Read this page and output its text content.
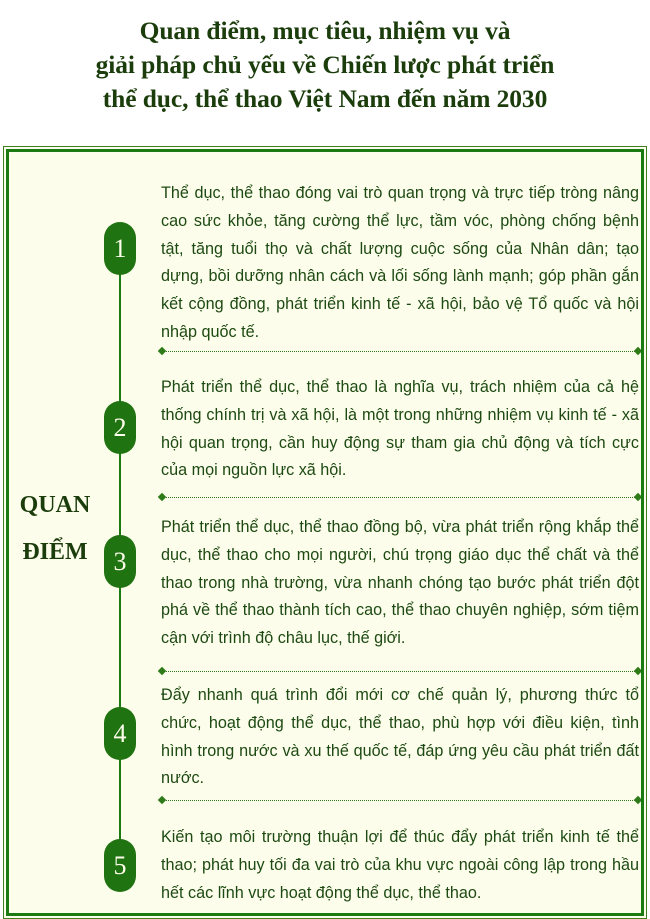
Quan điểm, mục tiêu, nhiệm vụ và
giải pháp chủ yếu về Chiến lược phát triển
thể dục, thể thao Việt Nam đến năm 2030
QUAN
ĐIỂM
1
Thể dục, thể thao đóng vai trò quan trọng và trực tiếp tròng nâng cao sức khỏe, tăng cường thể lực, tầm vóc, phòng chống bệnh tật, tăng tuổi thọ và chất lượng cuộc sống của Nhân dân; tạo dựng, bồi dưỡng nhân cách và lối sống lành mạnh; góp phần gắn kết cộng đồng, phát triển kinh tế - xã hội, bảo vệ Tổ quốc và hội nhập quốc tế.
2
Phát triển thể dục, thể thao là nghĩa vụ, trách nhiệm của cả hệ thống chính trị và xã hội, là một trong những nhiệm vụ kinh tế - xã hội quan trọng, cần huy động sự tham gia chủ động và tích cực của mọi nguồn lực xã hội.
3
Phát triển thể dục, thể thao đồng bộ, vừa phát triển rộng khắp thể dục, thể thao cho mọi người, chú trọng giáo dục thể chất và thể thao trong nhà trường, vừa nhanh chóng tạo bước phát triển đột phá về thể thao thành tích cao, thể thao chuyên nghiệp, sớm tiệm cận với trình độ châu lục, thế giới.
4
Đẩy nhanh quá trình đổi mới cơ chế quản lý, phương thức tổ chức, hoạt động thể dục, thể thao, phù hợp với điều kiện, tình hình trong nước và xu thế quốc tế, đáp ứng yêu cầu phát triển đất nước.
5
Kiến tạo môi trường thuận lợi để thúc đẩy phát triển kinh tế thể thao; phát huy tối đa vai trò của khu vực ngoài công lập trong hầu hết các lĩnh vực hoạt động thể dục, thể thao.
